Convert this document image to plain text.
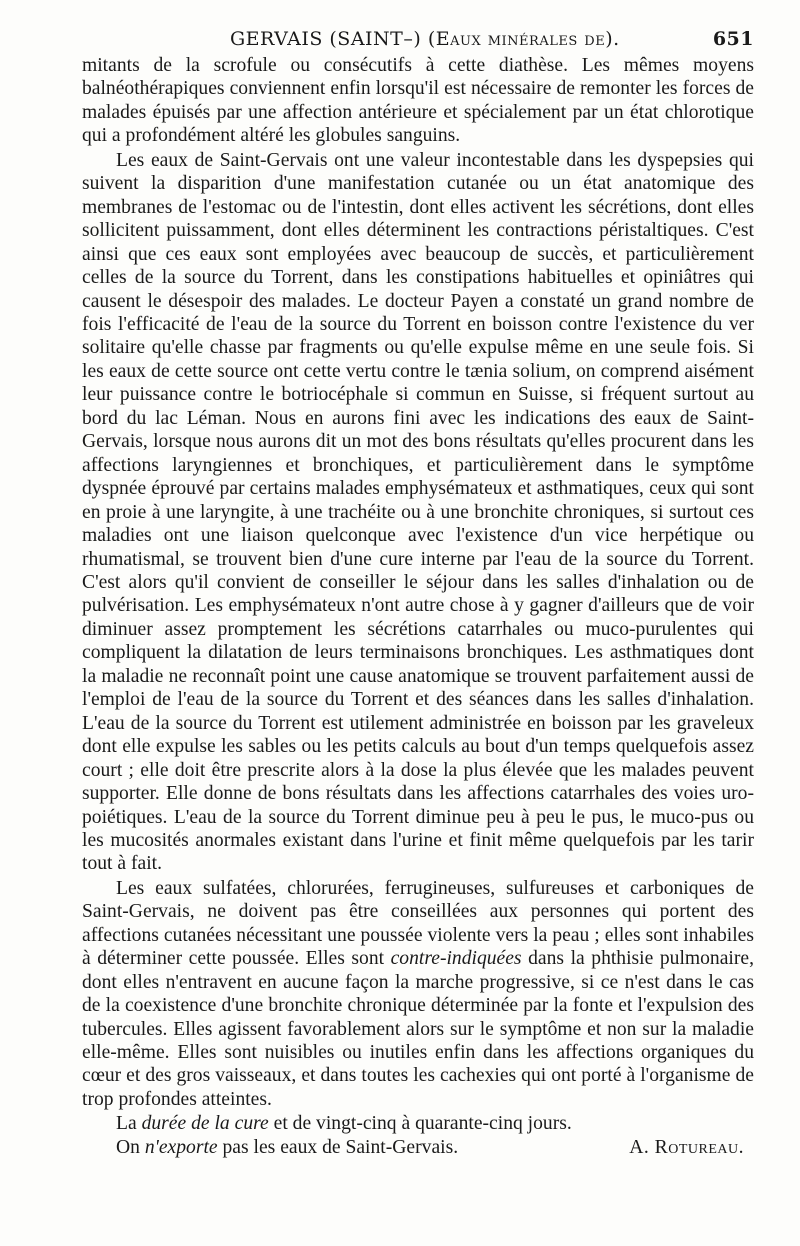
GERVAIS (SAINT–) (Eaux minérales de).	651

mitants de la scrofule ou consécutifs à cette diathèse. Les mêmes moyens balnéothérapiques conviennent enfin lorsqu'il est nécessaire de remonter les forces de malades épuisés par une affection antérieure et spécialement par un état chlorotique qui a profondément altéré les globules sanguins.

Les eaux de Saint-Gervais ont une valeur incontestable dans les dyspepsies qui suivent la disparition d'une manifestation cutanée ou un état anatomique des membranes de l'estomac ou de l'intestin, dont elles activent les sécrétions, dont elles sollicitent puissamment, dont elles déterminent les contractions péristaltiques. C'est ainsi que ces eaux sont employées avec beaucoup de succès, et particulièrement celles de la source du Torrent, dans les constipations habituelles et opiniâtres qui causent le désespoir des malades. Le docteur Payen a constaté un grand nombre de fois l'efficacité de l'eau de la source du Torrent en boisson contre l'existence du ver solitaire qu'elle chasse par fragments ou qu'elle expulse même en une seule fois. Si les eaux de cette source ont cette vertu contre le tænia solium, on comprend aisément leur puissance contre le botriocéphale si commun en Suisse, si fréquent surtout au bord du lac Léman. Nous en aurons fini avec les indications des eaux de Saint-Gervais, lorsque nous aurons dit un mot des bons résultats qu'elles procurent dans les affections laryngiennes et bronchiques, et particulièrement dans le symptôme dyspnée éprouvé par certains malades emphysémateux et asthmatiques, ceux qui sont en proie à une laryngite, à une trachéite ou à une bronchite chroniques, si surtout ces maladies ont une liaison quelconque avec l'existence d'un vice herpétique ou rhumatismal, se trouvent bien d'une cure interne par l'eau de la source du Torrent. C'est alors qu'il convient de conseiller le séjour dans les salles d'inhalation ou de pulvérisation. Les emphysémateux n'ont autre chose à y gagner d'ailleurs que de voir diminuer assez promptement les sécrétions catarrhales ou muco-purulentes qui compliquent la dilatation de leurs terminaisons bronchiques. Les asthmatiques dont la maladie ne reconnaît point une cause anatomique se trouvent parfaitement aussi de l'emploi de l'eau de la source du Torrent et des séances dans les salles d'inhalation. L'eau de la source du Torrent est utilement administrée en boisson par les graveleux dont elle expulse les sables ou les petits calculs au bout d'un temps quelquefois assez court ; elle doit être prescrite alors à la dose la plus élevée que les malades peuvent supporter. Elle donne de bons résultats dans les affections catarrhales des voies uro-poiétiques. L'eau de la source du Torrent diminue peu à peu le pus, le muco-pus ou les mucosités anormales existant dans l'urine et finit même quelquefois par les tarir tout à fait.

Les eaux sulfatées, chlorurées, ferrugineuses, sulfureuses et carboniques de Saint-Gervais, ne doivent pas être conseillées aux personnes qui portent des affections cutanées nécessitant une poussée violente vers la peau ; elles sont inhabiles à déterminer cette poussée. Elles sont contre-indiquées dans la phthisie pulmonaire, dont elles n'entravent en aucune façon la marche progressive, si ce n'est dans le cas de la coexistence d'une bronchite chronique déterminée par la fonte et l'expulsion des tubercules. Elles agissent favorablement alors sur le symptôme et non sur la maladie elle-même. Elles sont nuisibles ou inutiles enfin dans les affections organiques du cœur et des gros vaisseaux, et dans toutes les cachexies qui ont porté à l'organisme de trop profondes atteintes.

La durée de la cure et de vingt-cinq à quarante-cinq jours.

On n'exporte pas les eaux de Saint-Gervais.	A. Rotureau.
